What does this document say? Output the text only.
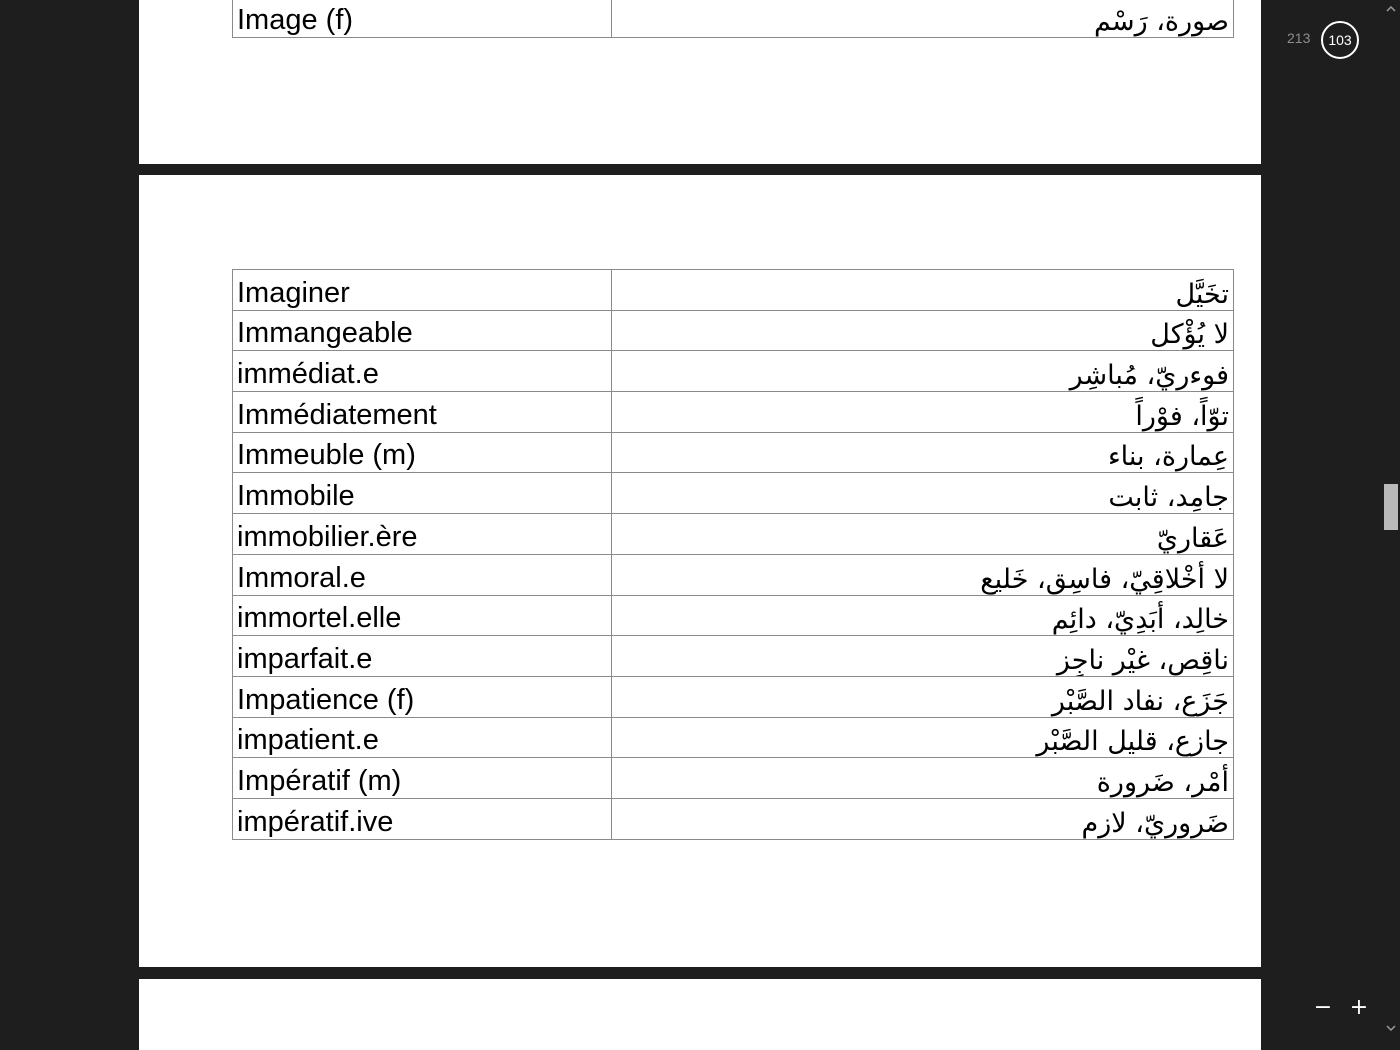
Image (f)	صورة، رَسْم
Imaginer	تخَيَّل
Immangeable	لا يُؤْكل
immédiat.e	فوءريّ، مُباشِر
Immédiatement	توّاً، فوْراً
Immeuble (m)	عِمارة، بناء
Immobile	جامِد، ثابت
immobilier.ère	عَقاريّ
Immoral.e	لا أخْلاقِيّ، فاسِق، خَليع
immortel.elle	خالِد، أبَدِيّ، دائِم
imparfait.e	ناقِص، غيْر ناجِز
Impatience (f)	جَزَع، نفاد الصَّبْر
impatient.e	جازِع، قليل الصَّبْر
Impératif (m)	أمْر، ضَرورة
impératif.ive	ضَروريّ، لازم
213	103
− +
